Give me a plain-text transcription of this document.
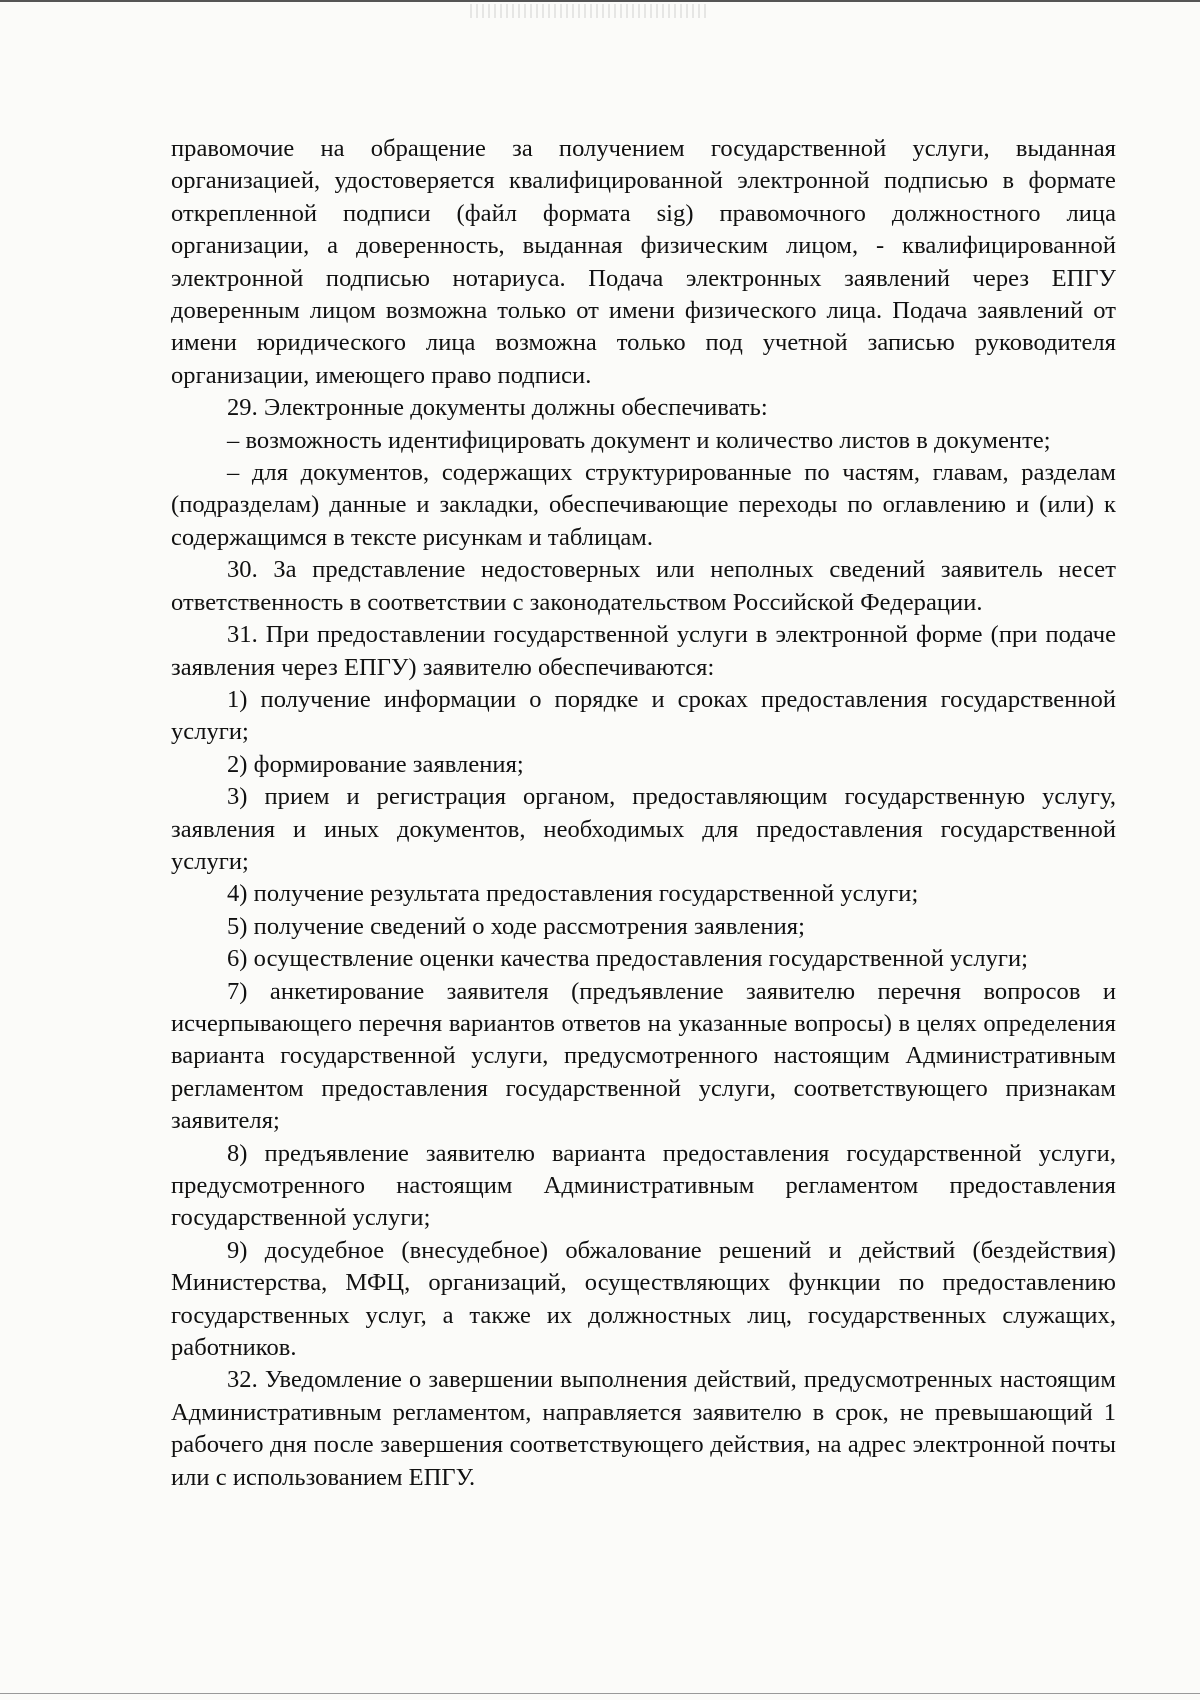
правомочие на обращение за получением государственной услуги, выданная организацией, удостоверяется квалифицированной электронной подписью в формате открепленной подписи (файл формата sig) правомочного должностного лица организации, а доверенность, выданная физическим лицом, - квалифицированной электронной подписью нотариуса. Подача электронных заявлений через ЕПГУ доверенным лицом возможна только от имени физического лица. Подача заявлений от имени юридического лица возможна только под учетной записью руководителя организации, имеющего право подписи.

29. Электронные документы должны обеспечивать:

– возможность идентифицировать документ и количество листов в документе;

– для документов, содержащих структурированные по частям, главам, разделам (подразделам) данные и закладки, обеспечивающие переходы по оглавлению и (или) к содержащимся в тексте рисункам и таблицам.

30. За представление недостоверных или неполных сведений заявитель несет ответственность в соответствии с законодательством Российской Федерации.

31. При предоставлении государственной услуги в электронной форме (при подаче заявления через ЕПГУ) заявителю обеспечиваются:

1) получение информации о порядке и сроках предоставления государственной услуги;

2) формирование заявления;

3) прием и регистрация органом, предоставляющим государственную услугу, заявления и иных документов, необходимых для предоставления государственной услуги;

4) получение результата предоставления государственной услуги;

5) получение сведений о ходе рассмотрения заявления;

6) осуществление оценки качества предоставления государственной услуги;

7) анкетирование заявителя (предъявление заявителю перечня вопросов и исчерпывающего перечня вариантов ответов на указанные вопросы) в целях определения варианта государственной услуги, предусмотренного настоящим Административным регламентом предоставления государственной услуги, соответствующего признакам заявителя;

8) предъявление заявителю варианта предоставления государственной услуги, предусмотренного настоящим Административным регламентом предоставления государственной услуги;

9) досудебное (внесудебное) обжалование решений и действий (бездействия) Министерства, МФЦ, организаций, осуществляющих функции по предоставлению государственных услуг, а также их должностных лиц, государственных служащих, работников.

32. Уведомление о завершении выполнения действий, предусмотренных настоящим Административным регламентом, направляется заявителю в срок, не превышающий 1 рабочего дня после завершения соответствующего действия, на адрес электронной почты или с использованием ЕПГУ.
